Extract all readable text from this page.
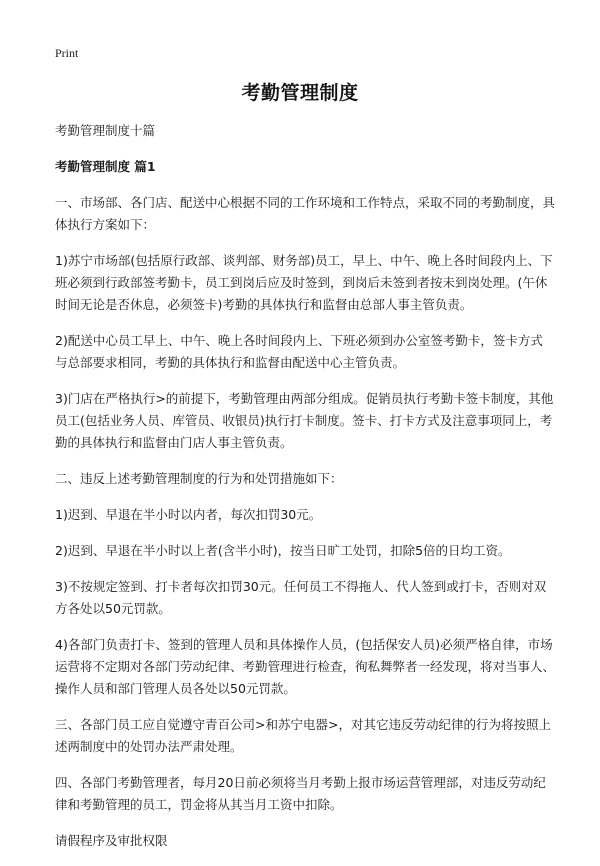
Print
考勤管理制度

考勤管理制度十篇

考勤管理制度 篇1

一、市场部、各门店、配送中心根据不同的工作环境和工作特点，采取不同的考勤制度，具体执行方案如下：

1)苏宁市场部(包括原行政部、谈判部、财务部)员工，早上、中午、晚上各时间段内上、下班必须到行政部签考勤卡，员工到岗后应及时签到，到岗后未签到者按未到岗处理。(午休时间无论是否休息，必须签卡)考勤的具体执行和监督由总部人事主管负责。

2)配送中心员工早上、中午、晚上各时间段内上、下班必须到办公室签考勤卡，签卡方式与总部要求相同，考勤的具体执行和监督由配送中心主管负责。

3)门店在严格执行>的前提下，考勤管理由两部分组成。促销员执行考勤卡签卡制度，其他员工(包括业务人员、库管员、收银员)执行打卡制度。签卡、打卡方式及注意事项同上，考勤的具体执行和监督由门店人事主管负责。

二、违反上述考勤管理制度的行为和处罚措施如下：

1)迟到、早退在半小时以内者，每次扣罚30元。

2)迟到、早退在半小时以上者(含半小时)，按当日旷工处罚，扣除5倍的日均工资。

3)不按规定签到、打卡者每次扣罚30元。任何员工不得拖人、代人签到或打卡，否则对双方各处以50元罚款。

4)各部门负责打卡、签到的管理人员和具体操作人员，(包括保安人员)必须严格自律，市场运营将不定期对各部门劳动纪律、考勤管理进行检查，徇私舞弊者一经发现，将对当事人、操作人员和部门管理人员各处以50元罚款。

三、各部门员工应自觉遵守青百公司>和苏宁电器>，对其它违反劳动纪律的行为将按照上述两制度中的处罚办法严肃处理。

四、各部门考勤管理者，每月20日前必须将当月考勤上报市场运营管理部，对违反劳动纪律和考勤管理的员工，罚金将从其当月工资中扣除。

请假程序及审批权限
